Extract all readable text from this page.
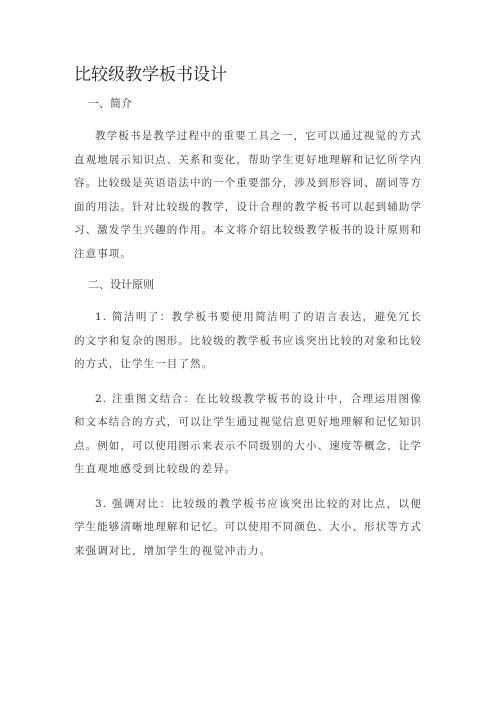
比较级教学板书设计

一、简介

教学板书是教学过程中的重要工具之一，它可以通过视觉的方式直观地展示知识点、关系和变化，帮助学生更好地理解和记忆所学内容。比较级是英语语法中的一个重要部分，涉及到形容词、副词等方面的用法。针对比较级的教学，设计合理的教学板书可以起到辅助学习、激发学生兴趣的作用。本文将介绍比较级教学板书的设计原则和注意事项。

二、设计原则

1. 简洁明了：教学板书要使用简洁明了的语言表达，避免冗长的文字和复杂的图形。比较级的教学板书应该突出比较的对象和比较的方式，让学生一目了然。

2. 注重图文结合：在比较级教学板书的设计中，合理运用图像和文本结合的方式，可以让学生通过视觉信息更好地理解和记忆知识点。例如，可以使用图示来表示不同级别的大小、速度等概念，让学生直观地感受到比较级的差异。

3. 强调对比：比较级的教学板书应该突出比较的对比点，以便学生能够清晰地理解和记忆。可以使用不同颜色、大小、形状等方式来强调对比，增加学生的视觉冲击力。
